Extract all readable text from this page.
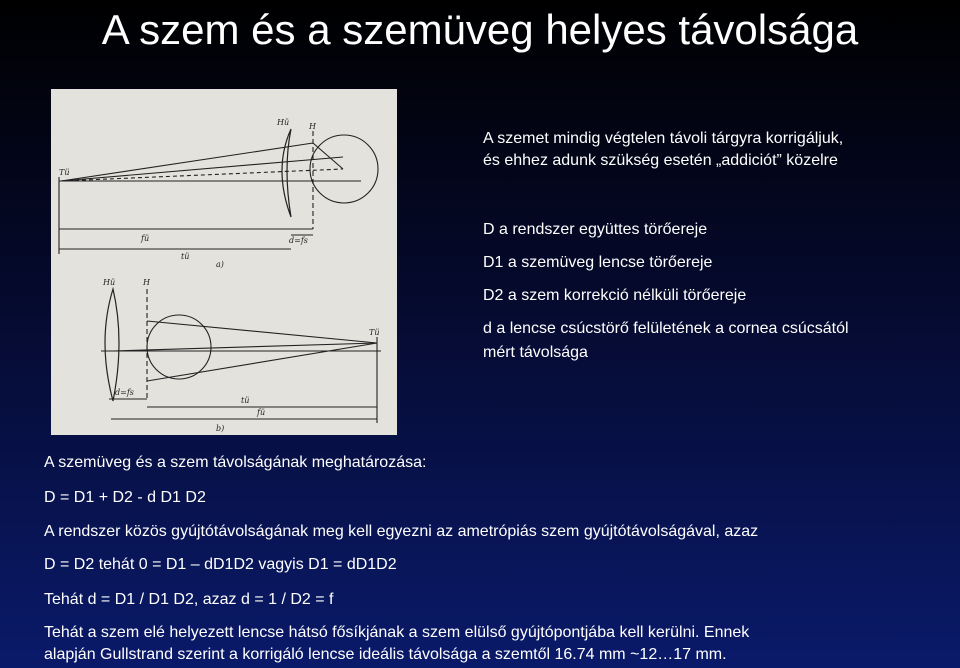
A szem és a szemüveg helyes távolsága
Hü H
Tü
fü
tü
d=fs
a)
Hü	H
Tü
d=fs
tü
fü
b)
A szemet mindig végtelen távoli tárgyra korrigáljuk,
és ehhez adunk szükség esetén „addiciót” közelre
D a rendszer együttes törőereje
D1 a szemüveg lencse törőereje
D2 a szem korrekció nélküli törőereje
d a lencse csúcstörő felületének a cornea csúcsától
mért távolsága
A szemüveg és a szem távolságának meghatározása:
D = D1 + D2 - d D1 D2
A rendszer közös gyújtótávolságának meg kell egyezni az ametrópiás szem gyújtótávolságával, azaz
D = D2 tehát 0 = D1 – dD1D2 vagyis D1 = dD1D2
Tehát d = D1 / D1 D2, azaz d = 1 / D2 = f
Tehát a szem elé helyezett lencse hátsó fősíkjának a szem elülső gyújtópontjába kell kerülni. Ennek
alapján Gullstrand szerint a korrigáló lencse ideális távolsága a szemtől 16.74 mm ~12…17 mm.
